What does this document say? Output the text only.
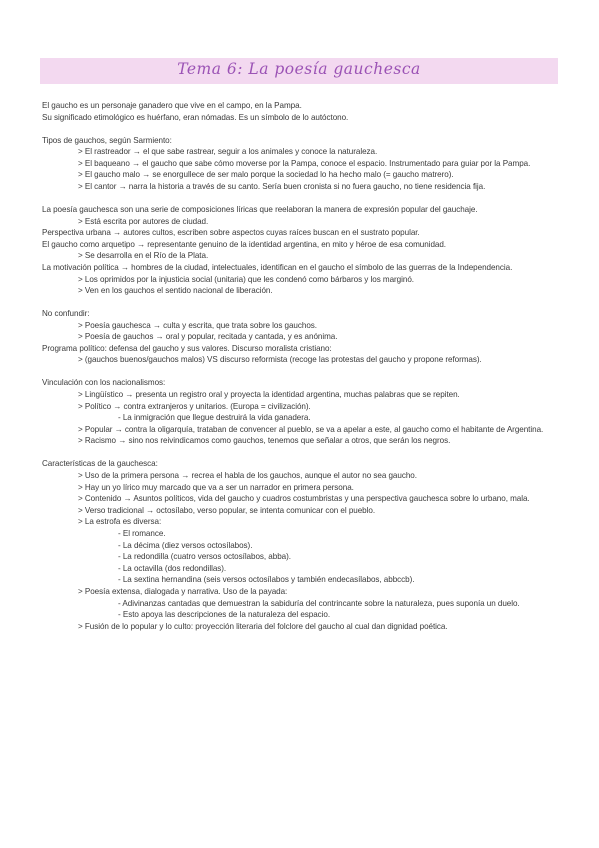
Tema 6: La poesía gauchesca
El gaucho es un personaje ganadero que vive en el campo, en la Pampa.
Su significado etimológico es huérfano, eran nómadas. Es un símbolo de lo autóctono.
Tipos de gauchos, según Sarmiento:
> El rastreador → el que sabe rastrear, seguir a los animales y conoce la naturaleza.
> El baqueano → el gaucho que sabe cómo moverse por la Pampa, conoce el espacio. Instrumentado para guiar por la Pampa.
> El gaucho malo → se enorgullece de ser malo porque la sociedad lo ha hecho malo (= gaucho matrero).
> El cantor → narra la historia a través de su canto. Sería buen cronista si no fuera gaucho, no tiene residencia fija.
La poesía gauchesca son una serie de composiciones líricas que reelaboran la manera de expresión popular del gauchaje.
> Está escrita por autores de ciudad.
Perspectiva urbana → autores cultos, escriben sobre aspectos cuyas raíces buscan en el sustrato popular.
El gaucho como arquetipo → representante genuino de la identidad argentina, en mito y héroe de esa comunidad.
> Se desarrolla en el Río de la Plata.
La motivación política → hombres de la ciudad, intelectuales, identifican en el gaucho el símbolo de las guerras de la Independencia.
> Los oprimidos por la injusticia social (unitaria) que les condenó como bárbaros y los marginó.
> Ven en los gauchos el sentido nacional de liberación.
No confundir:
> Poesía gauchesca → culta y escrita, que trata sobre los gauchos.
> Poesía de gauchos → oral y popular, recitada y cantada, y es anónima.
Programa político: defensa del gaucho y sus valores. Discurso moralista cristiano:
> (gauchos buenos/gauchos malos) VS discurso reformista (recoge las protestas del gaucho y propone reformas).
Vinculación con los nacionalismos:
> Lingüístico → presenta un registro oral y proyecta la identidad argentina, muchas palabras que se repiten.
> Político → contra extranjeros y unitarios. (Europa = civilización).
- La inmigración que llegue destruirá la vida ganadera.
> Popular → contra la oligarquía, trataban de convencer al pueblo, se va a apelar a este, al gaucho como el habitante de Argentina.
> Racismo → sino nos reivindicamos como gauchos, tenemos que señalar a otros, que serán los negros.
Características de la gauchesca:
> Uso de la primera persona → recrea el habla de los gauchos, aunque el autor no sea gaucho.
> Hay un yo lírico muy marcado que va a ser un narrador en primera persona.
> Contenido → Asuntos políticos, vida del gaucho y cuadros costumbristas y una perspectiva gauchesca sobre lo urbano, mala.
> Verso tradicional → octosílabo, verso popular, se intenta comunicar con el pueblo.
> La estrofa es diversa:
- El romance.
- La décima (diez versos octosílabos).
- La redondilla (cuatro versos octosílabos, abba).
- La octavilla (dos redondillas).
- La sextina hernandina (seis versos octosílabos y también endecasílabos, abbccb).
> Poesía extensa, dialogada y narrativa. Uso de la payada:
- Adivinanzas cantadas que demuestran la sabiduría del contrincante sobre la naturaleza, pues suponía un duelo.
- Esto apoya las descripciones de la naturaleza del espacio.
> Fusión de lo popular y lo culto: proyección literaria del folclore del gaucho al cual dan dignidad poética.
